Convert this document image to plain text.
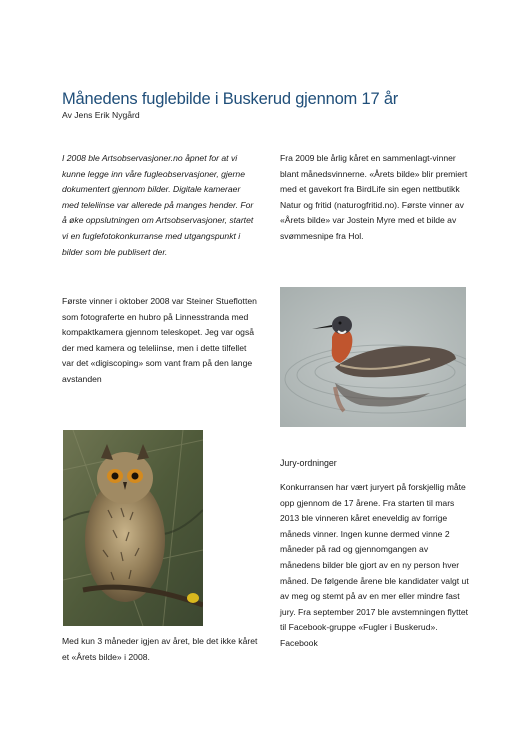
Månedens fuglebilde i Buskerud gjennom 17 år
Av Jens Erik Nygård

I 2008 ble Artsobservasjoner.no åpnet for at vi kunne legge inn våre fugleobservasjoner, gjerne dokumentert gjennom bilder. Digitale kameraer med teleliinse var allerede på manges hender. For å øke oppslutningen om Artsobservasjoner, startet vi en fuglefotokonkurranse med utgangspunkt i bilder som ble publisert der.

Første vinner i oktober 2008 var Steiner Stueflotten som fotograferte en hubro på Linnesstranda med kompaktkamera gjennom teleskopet. Jeg var også der med kamera og teleliinse, men i dette tilfellet var det «digiscoping» som vant fram på den lange avstanden

Med kun 3 måneder igjen av året, ble det ikke kåret et «Årets bilde» i 2008.

Fra 2009 ble årlig kåret en sammenlagt-vinner blant månedsvinnerne. «Årets bilde» blir premiert med et gavekort fra BirdLife sin egen nettbutikk Natur og fritid (naturogfritid.no). Første vinner av «Årets bilde» var Jostein Myre med et bilde av svømmesnipe fra Hol.

Jury-ordninger

Konkurransen har vært juryert på forskjellig måte opp gjennom de 17 årene. Fra starten til mars 2013 ble vinneren kåret eneveldig av forrige måneds vinner. Ingen kunne dermed vinne 2 måneder på rad og gjennomgangen av månedens bilder ble gjort av en ny person hver måned. De følgende årene ble kandidater valgt ut av meg og stemt på av en mer eller mindre fast jury. Fra september 2017 ble avstemningen flyttet til Facebook-gruppe «Fugler i Buskerud». Facebook
